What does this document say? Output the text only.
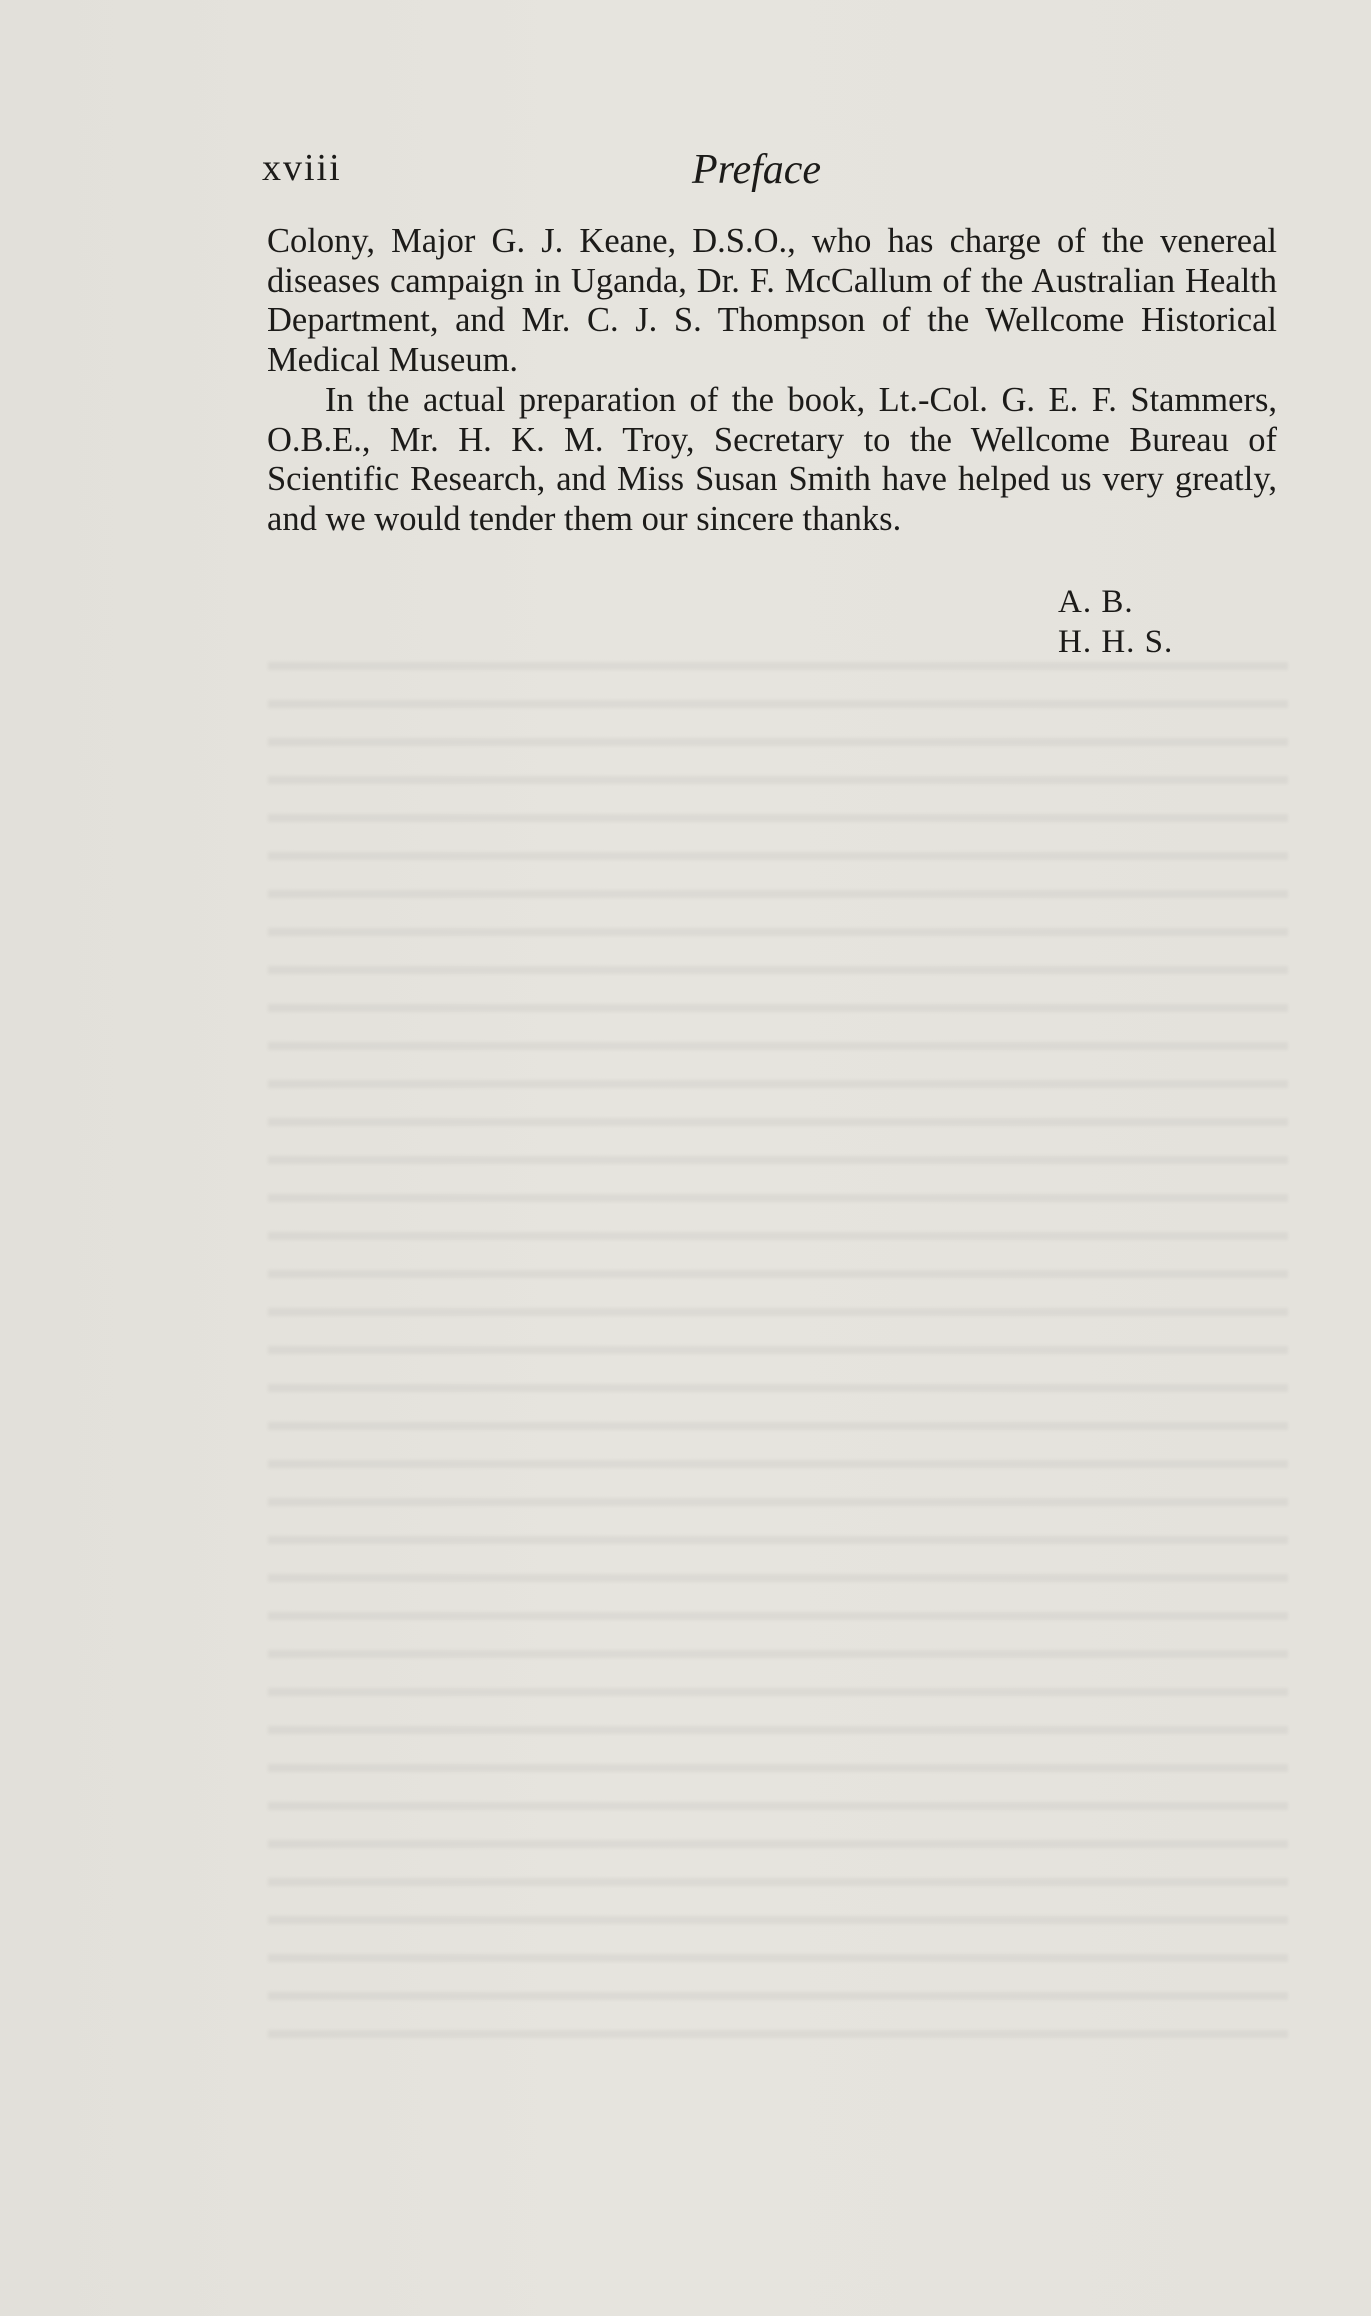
xviii	Preface

Colony, Major G. J. Keane, D.S.O., who has charge of the venereal diseases campaign in Uganda, Dr. F. McCallum of the Australian Health Department, and Mr. C. J. S. Thompson of the Wellcome Historical Medical Museum.

In the actual preparation of the book, Lt.-Col. G. E. F. Stammers, O.B.E., Mr. H. K. M. Troy, Secretary to the Wellcome Bureau of Scientific Research, and Miss Susan Smith have helped us very greatly, and we would tender them our sincere thanks.

A. B.
H. H. S.
